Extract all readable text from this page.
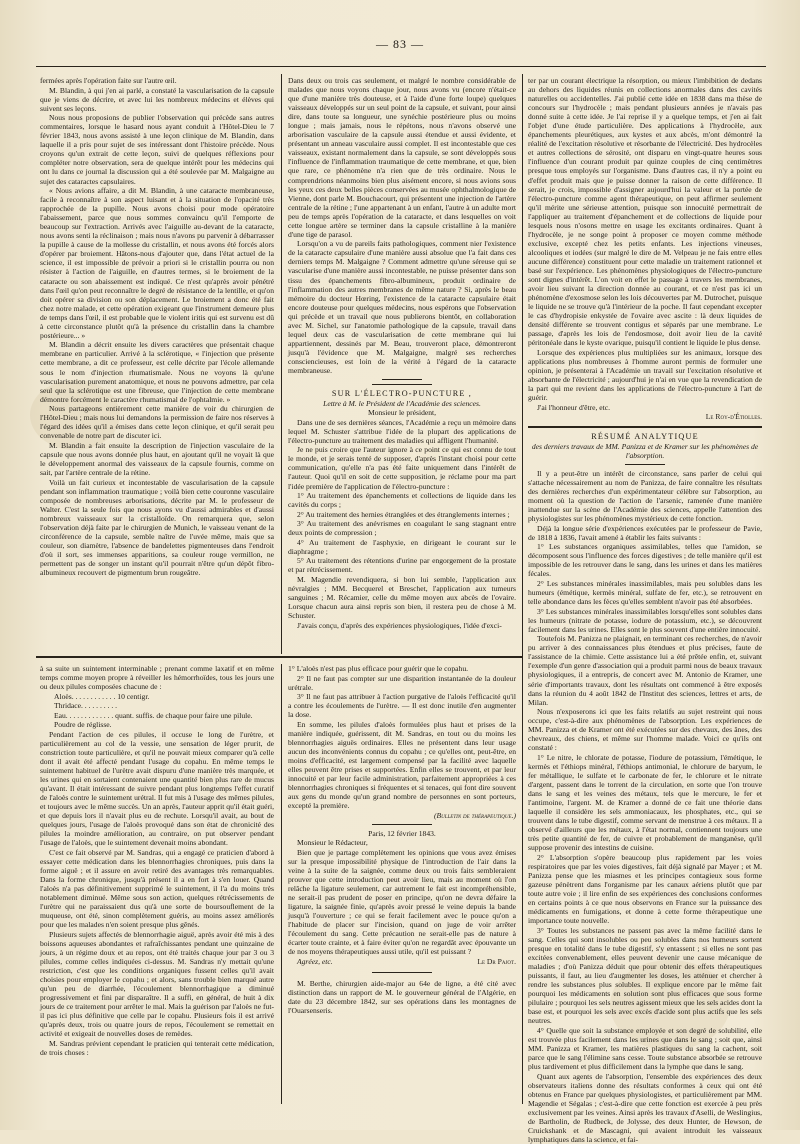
— 83 —

fermées après l'opération faite sur l'autre œil.

M. Blandin, à qui j'en ai parlé, a constaté la vascularisation de la capsule que je viens de décrire, et avec lui les nombreux médecins et élèves qui suivent ses leçons.

Nous nous proposions de publier l'observation qui précède sans autres commentaires, lorsque le hasard nous ayant conduit à l'Hôtel-Dieu le 7 février 1843, nous avons assisté à une leçon clinique de M. Blandin, dans laquelle il a pris pour sujet de ses intéressant dont l'histoire précède. Nous croyons qu'un extrait de cette leçon, suivi de quelques réflexions pour compléter notre observation, sera de quelque intérêt pour les médecins qui ont lu dans ce journal la discussion qui a été soulevée par M. Malgaigne au sujet des cataractes capsulaires.

« Nous avions affaire, a dit M. Blandin, à une cataracte membraneuse, facile à reconnaître à son aspect luisant et à la situation de l'opacité très rapprochée de la pupille. Nous avons choisi pour mode opératoire l'abaissement, parce que nous sommes convaincu qu'il l'emporte de beaucoup sur l'extraction. Arrivés avec l'aiguille au-devant de la cataracte, nous avons senti la réclinaison ; mais nous n'avons pu parvenir à débarrasser la pupille à cause de la mollesse du cristallin, et nous avons été forcés alors d'opérer par broiement. Hâtons-nous d'ajouter que, dans l'état actuel de la science, il est impossible de prévoir a priori si le cristallin pourra ou non résister à l'action de l'aiguille, en d'autres termes, si le broiement de la cataracte ou son abaissement est indiqué. Ce n'est qu'après avoir pénétré dans l'œil qu'on peut reconnaître le degré de résistance de la lentille, et qu'on doit opérer sa division ou son déplacement. Le broiement a donc été fait chez notre malade, et cette opération exigeant que l'instrument demeure plus de temps dans l'œil, il est probable que le violent iritis qui est survenu est dû à cette circonstance plutôt qu'à la présence du cristallin dans la chambre postérieure... »

M. Blandin a décrit ensuite les divers caractères que présentait chaque membrane en particulier. Arrivé à la sclérotique, « l'injection que présente cette membrane, a dit ce professeur, est celle décrite par l'école allemande sous le nom d'injection rhumatismale. Nous ne voyons là qu'une vascularisation purement anatomique, et nous ne pouvons admettre, par cela seul que la sclérotique est une fibreuse, que l'injection de cette membrane démontre forcément le caractère rhumatismal de l'ophtalmie. »

Nous partageons entièrement cette manière de voir du chirurgien de l'Hôtel-Dieu ; mais nous lui demandons la permission de faire nos réserves à l'égard des idées qu'il a émises dans cette leçon clinique, et qu'il serait peu convenable de notre part de discuter ici.

M. Blandin a fait ensuite la description de l'injection vasculaire de la capsule que nous avons donnée plus haut, en ajoutant qu'il ne voyait là que le développement anormal des vaisseaux de la capsule fournis, comme on sait, par l'artère centrale de la rétine.

Voilà un fait curieux et incontestable de vascularisation de la capsule pendant son inflammation traumatique ; voilà bien cette couronne vasculaire composée de nombreuses arborisations, décrite par M. le professeur de Walter. C'est la seule fois que nous ayons vu d'aussi admirables et d'aussi nombreux vaisseaux sur la cristalloïde. On remarquera que, selon l'observation déjà faite par le chirurgien de Munich, le vaisseau venant de la circonférence de la capsule, semble naître de l'uvée même, mais que sa couleur, son diamètre, l'absence de bandelettes pigmenteuses dans l'endroit d'où il sort, ses immenses apparitions, sa couleur rouge vermillon, ne permettent pas de songer un instant qu'il pourrait n'être qu'un dépôt fibro-albumineux recouvert de pigmentum brun rougeâtre.

Dans deux ou trois cas seulement, et malgré le nombre considérable de malades que nous voyons chaque jour, nous avons vu (encore n'était-ce que d'une manière très douteuse, et à l'aide d'une forte loupe) quelques vaisseaux développés sur un seul point de la capsule, et suivant, pour ainsi dire, dans toute sa longueur, une synéchie postérieure plus ou moins longue ; mais jamais, nous le répétons, nous n'avons observé une arborisation vasculaire de la capsule aussi étendue et aussi évidente, et présentant un anneau vasculaire aussi complet. Il est incontestable que ces vaisseaux, existant normalement dans la capsule, se sont développés sous l'influence de l'inflammation traumatique de cette membrane, et que, bien que rare, ce phénomène n'a rien que de très ordinaire. Nous le comprendrions néanmoins bien plus aisément encore, si nous avions sous les yeux ces deux belles pièces conservées au musée ophthalmologique de Vienne, dont parle M. Bouchacourt, qui présentent une injection de l'artère centrale de la rétine ; l'une appartenant à un enfant, l'autre à un adulte mort peu de temps après l'opération de la cataracte, et dans lesquelles on voit cette longue artère se terminer dans la capsule cristalline à la manière d'une tige de parasol.

Lorsqu'on a vu de pareils faits pathologiques, comment nier l'existence de la cataracte capsulaire d'une manière aussi absolue que l'a fait dans ces derniers temps M. Malgaigne ? Comment admettre qu'une séreuse qui se vascularise d'une manière aussi incontestable, ne puisse présenter dans son tissu des épanchements fibro-albumineux, produit ordinaire de l'inflammation des autres membranes de même nature ? Si, après le beau mémoire du docteur Hœring, l'existence de la cataracte capsulaire était encore douteuse pour quelques médecins, nous espérons que l'observation qui précède et un travail que nous publierons bientôt, en collaboration avec M. Sichel, sur l'anatomie pathologique de la capsule, travail dans lequel deux cas de vascularisation de cette membrane qui lui appartiennent, dessinés par M. Beau, trouveront place, démontreront jusqu'à l'évidence que M. Malgaigne, malgré ses recherches consciencieuses, est loin de la vérité à l'égard de la cataracte membraneuse.

SUR L'ÉLECTRO-PUNCTURE ,

Lettre à M. le Président de l'Académie des sciences.

Monsieur le président,

Dans une de ses dernières séances, l'Académie a reçu un mémoire dans lequel M. Schuster s'attribue l'idée de la plupart des applications de l'électro-puncture au traitement des maladies qui affligent l'humanité.

Je ne puis croire que l'auteur ignore à ce point ce qui est connu de tout le monde, et je serais tenté de supposer, d'après l'instant choisi pour cette communication, qu'elle n'a pas été faite uniquement dans l'intérêt de l'auteur. Quoi qu'il en soit de cette supposition, je réclame pour ma part l'idée première de l'application de l'électro-puncture :

1° Au traitement des épanchements et collections de liquide dans les cavités du corps ;

2° Au traitement des hernies étranglées et des étranglements internes ;

3° Au traitement des anévrismes en coagulant le sang stagnant entre deux points de compression ;

4° Au traitement de l'asphyxie, en dirigeant le courant sur le diaphragme ;

5° Au traitement des rétentions d'urine par engorgement de la prostate et par rétrécissement.

M. Magendie revendiquera, si bon lui semble, l'application aux névralgies ; MM. Becquerel et Breschet, l'application aux tumeurs sanguines ; M. Récamier, celle du même moyen aux abcès de l'ovaire. Lorsque chacun aura ainsi repris son bien, il restera peu de chose à M. Schuster.

J'avais conçu, d'après des expériences physiologiques, l'idée d'exci-

ter par un courant électrique la résorption, ou mieux l'imbibition de dedans au dehors des liquides réunis en collections anormales dans des cavités naturelles ou accidentelles. J'ai publié cette idée en 1838 dans ma thèse de concours sur l'hydrocèle ; mais pendant plusieurs années je n'avais pas donné suite à cette idée. Je l'ai reprise il y a quelque temps, et j'en ai fait l'objet d'une étude particulière. Des applications à l'hydrocèle, aux épanchements pleurétiques, aux kystes et aux abcès, m'ont démontré la réalité de l'excitation résolutive et résorbante de l'électricité. Des hydrocèles et autres collections de sérosité, ont disparu en vingt-quatre heures sous l'influence d'un courant produit par quinze couples de cinq centimètres presque tous employés sur l'organisme. Dans d'autres cas, il n'y a point eu d'effet produit mais que je puisse donner la raison de cette différence. Il serait, je crois, impossible d'assigner aujourd'hui la valeur et la portée de l'électro-puncture comme agent thérapeutique, on peut affirmer seulement qu'il mérite une sérieuse attention, puisque son innocuité permettrait de l'appliquer au traitement d'épanchement et de collections de liquide pour lesquels nous n'osons mettre en usage les excitants ordinaires. Quant à l'hydrocèle, je ne songe point à proposer ce moyen comme méthode exclusive, excepté chez les petits enfants. Les injections vineuses, alcooliques et iodées (sur malgré le dire de M. Velpeau je ne fais entre elles aucune différence) constituent pour cette maladie un traitement rationnel et basé sur l'expérience. Les phénomènes physiologiques de l'électro-puncture sont dignes d'intérêt. L'on voit en effet le passage à travers les membranes, avoir lieu suivant la direction donnée au courant, et ce n'est pas ici un phénomène d'exosmose selon les lois découvertes par M. Dutrochet, puisque le liquide ne se trouve qu'à l'intérieur de la poche. Il faut cependant excepter le cas d'hydropisie enkystée de l'ovaire avec ascite : là deux liquides de densité différente se trouvent contigus et séparés par une membrane. Le passage, d'après les lois de l'endosmose, doit avoir lieu de la cavité péritonéale dans le kyste ovarique, puisqu'il contient le liquide le plus dense.

Lorsque des expériences plus multipliées sur les animaux, lorsque des applications plus nombreuses à l'homme auront permis de formuler une opinion, je présenterai à l'Académie un travail sur l'excitation résolutive et absorbante de l'électricité ; aujourd'hui je n'ai en vue que la revendication de la part qui me revient dans les applications de l'électro-puncture à l'art de guérir.

J'ai l'honneur d'être, etc.

Le Roy-d'Étiolles.

RÉSUMÉ ANALYTIQUE

des derniers travaux de MM. Panizza et de Kramer sur les phénomènes de l'absorption.

Il y a peut-être un intérêt de circonstance, sans parler de celui qui s'attache nécessairement au nom de Panizza, de faire connaître les résultats des dernières recherches d'un expérimentateur célèbre sur l'absorption, au moment où la question de l'action de l'arsenic, ramenée d'une manière inattendue sur la scène de l'Académie des sciences, appelle l'attention des physiologistes sur les phénomènes mystérieux de cette fonction.

Déjà la longue série d'expériences exécutées par le professeur de Pavie, de 1818 à 1836, l'avait amené à établir les faits suivants :

1° Les substances organiques assimilables, telles que l'amidon, se décomposent sous l'influence des forces digestives ; de telle manière qu'il est impossible de les retrouver dans le sang, dans les urines et dans les matières fécales.

2° Les substances minérales inassimilables, mais peu solubles dans les humeurs (émétique, kermès minéral, sulfate de fer, etc.), se retrouvent en telle abondance dans les fèces qu'elles semblent n'avoir pas été absorbées.

3° Les substances minérales inassimilables lorsqu'elles sont solubles dans les humeurs (nitrate de potasse, iodure de potassium, etc.), se découvrent facilement dans les urines. Elles sont le plus souvent d'une entière innocuité.

Toutefois M. Panizza ne plaignait, en terminant ces recherches, de n'avoir pu arriver à des connaissances plus étendues et plus précises, faute de l'assistance de la chimie. Cette assistance lui a été prêtée enfin, et, suivant l'exemple d'un genre d'association qui a produit parmi nous de beaux travaux physiologiques, il a entrepris, de concert avec M. Antonio de Kramer, une série d'importants travaux, dont les résultats ont commencé à être exposés dans la réunion du 4 août 1842 de l'Institut des sciences, lettres et arts, de Milan.

Nous n'exposerons ici que les faits relatifs au sujet restreint qui nous occupe, c'est-à-dire aux phénomènes de l'absorption. Les expériences de MM. Panizza et de Kramer ont été exécutées sur des chevaux, des ânes, des chevreaux, des chiens, et même sur l'homme malade. Voici ce qu'ils ont constaté :

1° Le nitre, le chlorate de potasse, l'iodure de potassium, l'émétique, le kermès et l'éthiops minéral, l'éthiops antimonial, le chlorure de baryum, le fer métallique, le sulfate et le carbonate de fer, le chlorure et le nitrate d'argent, passent dans le torrent de la circulation, en sorte que l'on trouve dans le sang et les veines des métaux, tels que le mercure, le fer et l'antimoine, l'argent. M. de Kramer a donné de ce fait une théorie dans laquelle il considère les sels ammoniacaux, les phosphates, etc., qui se trouvent dans le tube digestif, comme servant de menstrue à ces métaux. Il a observé d'ailleurs que les métaux, à l'état normal, contiennent toujours une très petite quantité de fer, de cuivre et probablement de manganèse, qu'il suppose provenir des intestins de cuisine.

2° L'absorption s'opère beaucoup plus rapidement par les voies respiratoires que par les voies digestives, fait déjà signalé par Mayer ; et M. Panizza pense que les miasmes et les principes contagieux sous forme gazeuse pénètrent dans l'organisme par les canaux aériens plutôt que par toute autre voie ; il lire enfin de ses expériences des conclusions conformes en certains points à ce que nous observons en France sur la puissance des médicaments en fumigations, et donne à cette forme thérapeutique une importance toute nouvelle.

3° Toutes les substances ne passent pas avec la même facilité dans le sang. Celles qui sont insolubles ou peu solubles dans nos humeurs sortent presque en totalité dans le tube digestif, s'y entassent ; si elles ne sont pas excitées convenablement, elles peuvent devenir une cause mécanique de maladies ; d'où Panizza déduit que pour obtenir des effets thérapeutiques puissants, il faut, au lieu d'augmenter les doses, les atténuer et chercher à rendre les substances plus solubles. Il explique encore par le même fait pourquoi les médicaments en solution sont plus efficaces que sous forme pilulaire ; pourquoi les sels neutres agissent mieux que les sels acides dont la base est, et pourquoi les sels avec excès d'acide sont plus actifs que les sels neutres.

4° Quelle que soit la substance employée et son degré de solubilité, elle est trouvée plus facilement dans les urines que dans le sang ; soit que, ainsi MM. Panizza et Kramer, les matières plastiques du sang la cachent, soit parce que le sang l'élimine sans cesse. Toute substance absorbée se retrouve plus tardivement et plus difficilement dans la lymphe que dans le sang.

Quant aux agents de l'absorption, l'ensemble des expériences des deux observateurs italiens donne des résultats conformes à ceux qui ont été obtenus en France par quelques physiologistes, et particulièrement par MM. Magendie et Ségalas ; c'est-à-dire que cette fonction est exercée à peu près exclusivement par les veines. Ainsi après les travaux d'Aselli, de Weslingius, de Bartholin, de Rudbeck, de Jolysse, des deux Hunter, de Hewson, de Cruickshank et de Mascagni, qui avaient introduit les vaisseaux lymphatiques dans la science, et fai-

à sa suite un suintement interminable ; prenant comme laxatif et en même temps comme moyen propre à réveiller les hémorrhoïdes, tous les jours une ou deux pilules composées chacune de :

Aloès. . . . . . . . . . . . 10 centigr.

Thridace. . . . . . . . . .

Eau. . . . . . . . . . . . . quant. suffis. de chaque pour faire une pilule.

Poudre de réglisse.

Pendant l'action de ces pilules, il occuse le long de l'urètre, et particulièrement au col de la vessie, une sensation de léger prurit, de constriction toute particulière, et qu'il ne pouvait mieux comparer qu'à celle dont il avait été affecté pendant l'usage du copahu. En même temps le suintement habituel de l'urètre avait dispuru d'une manière très marquée, et les urines qui en sortaient contenaient une quantité bien plus rare de mucus qu'avant. Il était intéressant de suivre pendant plus longtemps l'effet curatif de l'aloès contre le suintement urétral. Il fut mis à l'usage des mêmes pilules, et toujours avec le même succès. Un an après, l'auteur apprit qu'il était guéri, et que depuis lors il n'avait plus eu de rechute. Lorsqu'il avait, au bout de quelques jours, l'usage de l'aloès provoqué dans son état de chronicité des pilules la moindre amélioration, au contraire, on put observer pendant l'usage de l'aloès, que le suintement devenait moins abondant.

C'est ce fait observé par M. Sandras, qui a engagé ce praticien d'abord à essayer cette médication dans les blennorrhagies chroniques, puis dans la forme aiguë ; et il assure en avoir retiré des avantages très remarquables. Dans la forme chronique, jusqu'à présent il a en fort à s'en louer. Quand l'aloès n'a pas définitivement supprimé le suintement, il l'a du moins très notablement diminué. Même sous son action, quelques rétrécissements de l'urètre qui ne paraissaient dus qu'à une sorte de boursouflement de la muqueuse, ont été, sinon complètement guéris, au moins assez améliorés pour que les malades n'en soient presque plus gênés.

Plusieurs sujets affectés de blennorrhagie aiguë, après avoir été mis à des boissons aqueuses abondantes et rafraîchissantes pendant une quinzaine de jours, à un régime doux et au repos, ont été traités chaque jour par 3 ou 3 pilules, comme celles indiquées ci-dessus. M. Sandras n'y mettait qu'une restriction, c'est que les conditions organiques fussent celles qu'il avait choisies pour employer le copahu ; et alors, sans trouble bien marqué autre qu'un peu de diarrhée, l'écoulement blennorrhagique a diminué progressivement et fini par disparaître. Il a suffi, en général, de huit à dix jours de ce traitement pour arrêter le mal. Mais la guérison par l'aloès ne fut-il pas ici plus définitive que celle par le copahu. Plusieurs fois il est arrivé qu'après deux, trois ou quatre jours de repos, l'écoulement se remettait en activité et exigeait de nouvelles doses de remèdes.

M. Sandras prévient cependant le praticien qui tenterait cette médication, de trois choses :

1° L'aloès n'est pas plus efficace pour guérir que le copahu.

2° Il ne faut pas compter sur une disparition instantanée de la douleur urétrale.

3° Il ne faut pas attribuer à l'action purgative de l'aloès l'efficacité qu'il a contre les écoulements de l'urètre. — Il est donc inutile d'en augmenter la dose.

En somme, les pilules d'aloès formulées plus haut et prises de la manière indiquée, guérissent, dit M. Sandras, en tout ou du moins les blennorrhagies aiguës ordinaires. Elles ne présentent dans leur usage aucun des inconvénients connus du copahu ; ce qu'elles ont, peut-être, en moins d'efficacité, est largement compensé par la facilité avec laquelle elles peuvent être prises et supportées. Enfin elles se trouvent, et par leur innocuité et par leur facile administration, parfaitement appropriées à ces blennorrhagies chroniques si fréquentes et si tenaces, qui font dire souvent aux gens du monde qu'un grand nombre de personnes en sont porteurs, excepté la première.

(Bulletin de thérapeutique.)

Paris, 12 février 1843.

Monsieur le Rédacteur,

Bien que je partage complètement les opinions que vous avez émises sur la presque impossibilité physique de l'introduction de l'air dans la veine à la suite de la saignée, comme deux ou trois faits sembleraient prouver que cette introduction peut avoir lieu, mais au moment où l'on relâche la ligature seulement, car autrement le fait est incompréhensible, ne serait-il pas prudent de poser en principe, qu'on ne devra défaire la ligature, la saignée finie, qu'après avoir pressé le veine depuis la bande jusqu'à l'ouverture ; ce qui se ferait facilement avec le pouce qu'on a l'habitude de placer sur l'incision, quand on juge de voir arrêter l'écoulement du sang. Cette précaution ne serait-elle pas de nature à écarter toute crainte, et à faire éviter qu'on ne regardât avec épouvante un de nos moyens thérapeutiques aussi utile, qu'il est puissant ?

Agréez, etc.	Le Dr Pajot.

M. Berthe, chirurgien aide-major au 64e de ligne, a été cité avec distinction dans un rapport de M. le gouverneur général de l'Algérie, en date du 23 décembre 1842, sur ses opérations dans les montagnes de l'Ouarsenseris.
